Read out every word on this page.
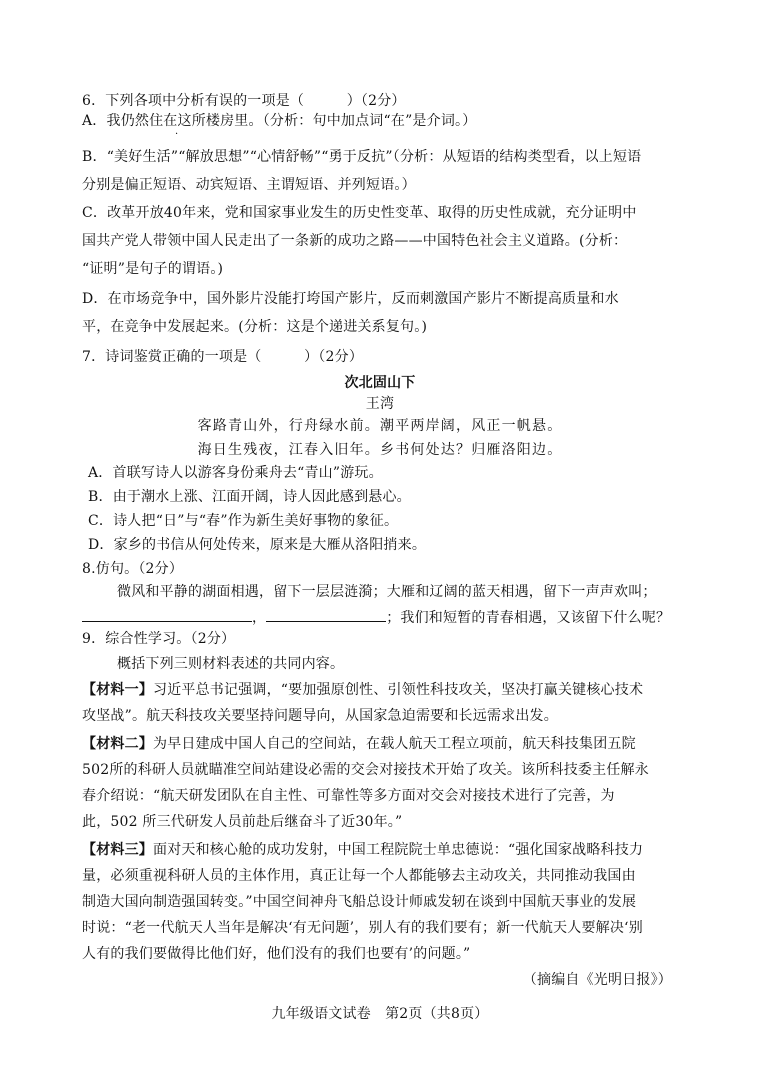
6．下列各项中分析有误的一项是（　　　）（2分）
A．我仍然住在这所楼房里。（分析：句中加点词“在”是介词。）
·
B．“美好生活”“解放思想”“心情舒畅”“勇于反抗”（分析：从短语的结构类型看，以上短语
分别是偏正短语、动宾短语、主谓短语、并列短语。）
C．改革开放40年来，党和国家事业发生的历史性变革、取得的历史性成就，充分证明中
国共产党人带领中国人民走出了一条新的成功之路——中国特色社会主义道路。(分析：
“证明”是句子的谓语。)
D．在市场竞争中，国外影片没能打垮国产影片，反而刺激国产影片不断提高质量和水
平，在竞争中发展起来。(分析：这是个递进关系复句。)
7．诗词鉴赏正确的一项是（　　　）（2分）
次北固山下
王湾
客路青山外，行舟绿水前。潮平两岸阔，风正一帆悬。
海日生残夜，江春入旧年。乡书何处达？归雁洛阳边。
A．首联写诗人以游客身份乘舟去“青山”游玩。
B．由于潮水上涨、江面开阔，诗人因此感到悬心。
C．诗人把“日”与“春”作为新生美好事物的象征。
D．家乡的书信从何处传来，原来是大雁从洛阳捎来。
8.仿句。（2分）
微风和平静的湖面相遇，留下一层层涟漪；大雁和辽阔的蓝天相遇，留下一声声欢叫；
，	；我们和短暂的青春相遇，又该留下什么呢？
9．综合性学习。（2分）
概括下列三则材料表述的共同内容。
【材料一】习近平总书记强调，“要加强原创性、引领性科技攻关，坚决打赢关键核心技术
攻坚战”。航天科技攻关要坚持问题导向，从国家急迫需要和长远需求出发。
【材料二】为早日建成中国人自己的空间站，在载人航天工程立项前，航天科技集团五院
502所的科研人员就瞄准空间站建设必需的交会对接技术开始了攻关。该所科技委主任解永
春介绍说：“航天研发团队在自主性、可靠性等多方面对交会对接技术进行了完善，为
此，502 所三代研发人员前赴后继奋斗了近30年。”
【材料三】面对天和核心舱的成功发射，中国工程院院士单忠德说：“强化国家战略科技力
量，必须重视科研人员的主体作用，真正让每一个人都能够去主动攻关，共同推动我国由
制造大国向制造强国转变。”中国空间神舟飞船总设计师戚发轫在谈到中国航天事业的发展
时说：“老一代航天人当年是解决‘有无问题’，别人有的我们要有；新一代航天人要解决‘别
人有的我们要做得比他们好，他们没有的我们也要有’的问题。”
（摘编自《光明日报》）
九年级语文试卷　第2页（共8页）
